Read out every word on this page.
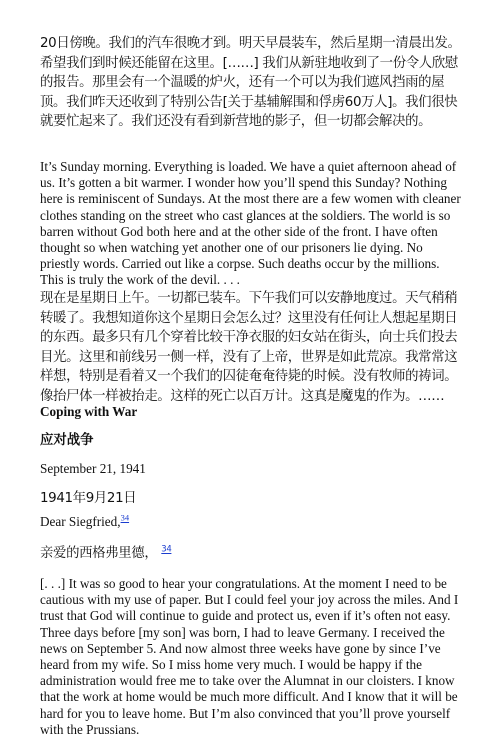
20日傍晚。我们的汽车很晚才到。明天早晨装车，然后星期一清晨出发。希望我们到时候还能留在这里。[……] 我们从新驻地收到了一份令人欣慰的报告。那里会有一个温暖的炉火，还有一个可以为我们遮风挡雨的屋顶。我们昨天还收到了特别公告[关于基辅解围和俘虏60万人]。我们很快就要忙起来了。我们还没有看到新营地的影子，但一切都会解决的。

It’s Sunday morning. Everything is loaded. We have a quiet afternoon ahead of us. It’s gotten a bit warmer. I wonder how you’ll spend this Sunday? Nothing here is reminiscent of Sundays. At the most there are a few women with cleaner clothes standing on the street who cast glances at the soldiers. The world is so barren without God both here and at the other side of the front. I have often thought so when watching yet another one of our prisoners lie dying. No priestly words. Carried out like a corpse. Such deaths occur by the millions. This is truly the work of the devil. . . .

现在是星期日上午。一切都已装车。下午我们可以安静地度过。天气稍稍转暖了。我想知道你这个星期日会怎么过？这里没有任何让人想起星期日的东西。最多只有几个穿着比较干净衣服的妇女站在街头，向士兵们投去目光。这里和前线另一侧一样，没有了上帝，世界是如此荒凉。我常常这样想，特别是看着又一个我们的囚徒奄奄待毙的时候。没有牧师的祷词。像抬尸体一样被抬走。这样的死亡以百万计。这真是魔鬼的作为。……

Coping with War

应对战争

September 21, 1941

1941年9月21日

Dear Siegfried,$^{34}$

亲爱的西格弗里德， $^{34}$

[. . .] It was so good to hear your congratulations. At the moment I need to be cautious with my use of paper. But I could feel your joy across the miles. And I trust that God will continue to guide and protect us, even if it’s often not easy. Three days before [my son] was born, I had to leave Germany. I received the news on September 5. And now almost three weeks have gone by since I’ve heard from my wife. So I miss home very much. I would be happy if the administration would free me to take over the Alumnat in our cloisters. I know that the work at home would be much more difficult. And I know that it will be hard for you to leave home. But I’m also convinced that you’ll prove yourself with the Prussians.
